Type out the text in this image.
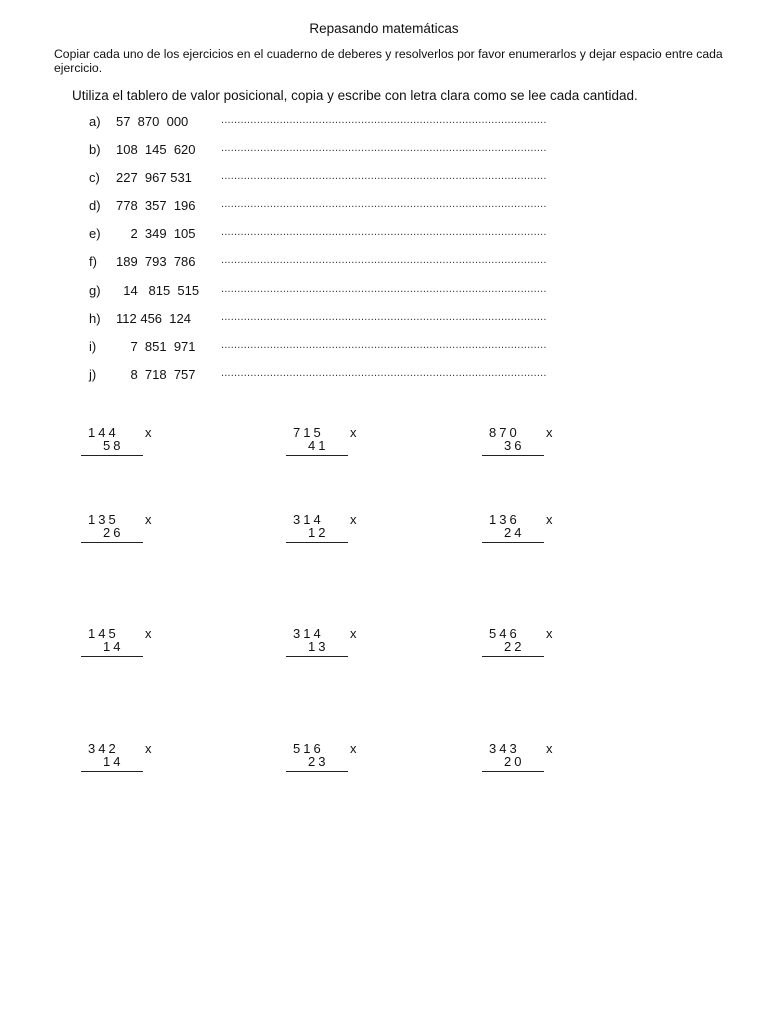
Repasando matemáticas
Copiar cada uno de los ejercicios en el cuaderno de deberes y resolverlos por favor enumerarlos y dejar espacio entre cada ejercicio.
Utiliza el tablero de valor posicional, copia y escribe con letra clara como se lee cada cantidad.
a) 57  870  000	....................................................................................................
b) 108  145  620	....................................................................................................
c) 227  967 531	....................................................................................................
d) 778  357  196	....................................................................................................
e) 2  349  105	....................................................................................................
f) 189  793  786	....................................................................................................
g) 14   815  515	....................................................................................................
h) 112 456  124	....................................................................................................
i) 7  851  971	....................................................................................................
j) 8  718  757	....................................................................................................
144 x
58
715 x
41
870 x
36
135 x
26
314 x
12
136 x
24
145 x
14
314 x
13
546 x
22
342 x
14
516 x
23
343 x
20
